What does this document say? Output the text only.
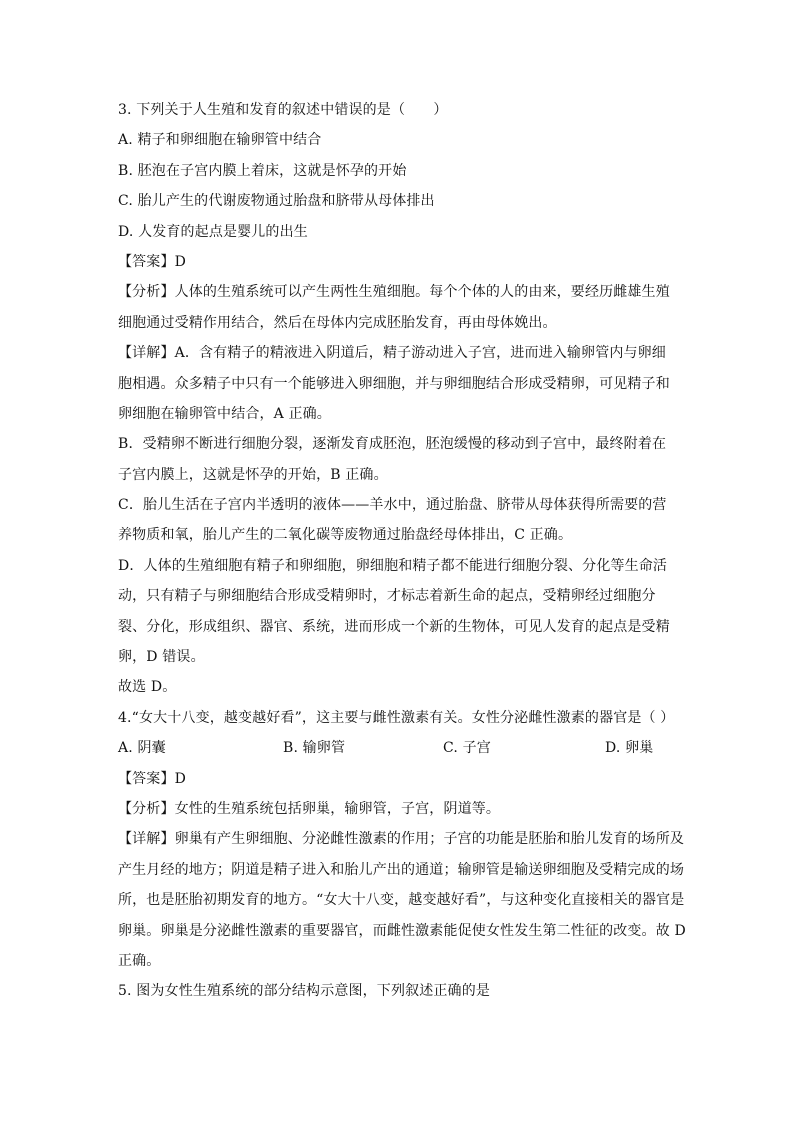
3. 下列关于人生殖和发育的叙述中错误的是（　　）
A. 精子和卵细胞在输卵管中结合
B. 胚泡在子宫内膜上着床，这就是怀孕的开始
C. 胎儿产生的代谢废物通过胎盘和脐带从母体排出
D. 人发育的起点是婴儿的出生
【答案】D
【分析】人体的生殖系统可以产生两性生殖细胞。每个个体的人的由来，要经历雌雄生殖
细胞通过受精作用结合，然后在母体内完成胚胎发育，再由母体娩出。
【详解】A．含有精子的精液进入阴道后，精子游动进入子宫，进而进入输卵管内与卵细
胞相遇。众多精子中只有一个能够进入卵细胞，并与卵细胞结合形成受精卵，可见精子和
卵细胞在输卵管中结合，A 正确。
B．受精卵不断进行细胞分裂，逐渐发育成胚泡，胚泡缓慢的移动到子宫中，最终附着在
子宫内膜上，这就是怀孕的开始，B 正确。
C．胎儿生活在子宫内半透明的液体——羊水中，通过胎盘、脐带从母体获得所需要的营
养物质和氧，胎儿产生的二氧化碳等废物通过胎盘经母体排出，C 正确。
D．人体的生殖细胞有精子和卵细胞，卵细胞和精子都不能进行细胞分裂、分化等生命活
动，只有精子与卵细胞结合形成受精卵时，才标志着新生命的起点，受精卵经过细胞分
裂、分化，形成组织、器官、系统，进而形成一个新的生物体，可见人发育的起点是受精
卵，D 错误。
故选 D。
4.“女大十八变，越变越好看”，这主要与雌性激素有关。女性分泌雌性激素的器官是（ ）
A. 阴囊	B. 输卵管	C. 子宫	D. 卵巢
【答案】D
【分析】女性的生殖系统包括卵巢，输卵管，子宫，阴道等。
【详解】卵巢有产生卵细胞、分泌雌性激素的作用；子宫的功能是胚胎和胎儿发育的场所及
产生月经的地方；阴道是精子进入和胎儿产出的通道；输卵管是输送卵细胞及受精完成的场
所，也是胚胎初期发育的地方。“女大十八变，越变越好看”，与这种变化直接相关的器官是
卵巢。卵巢是分泌雌性激素的重要器官，而雌性激素能促使女性发生第二性征的改变。故 D
正确。
5. 图为女性生殖系统的部分结构示意图，下列叙述正确的是
